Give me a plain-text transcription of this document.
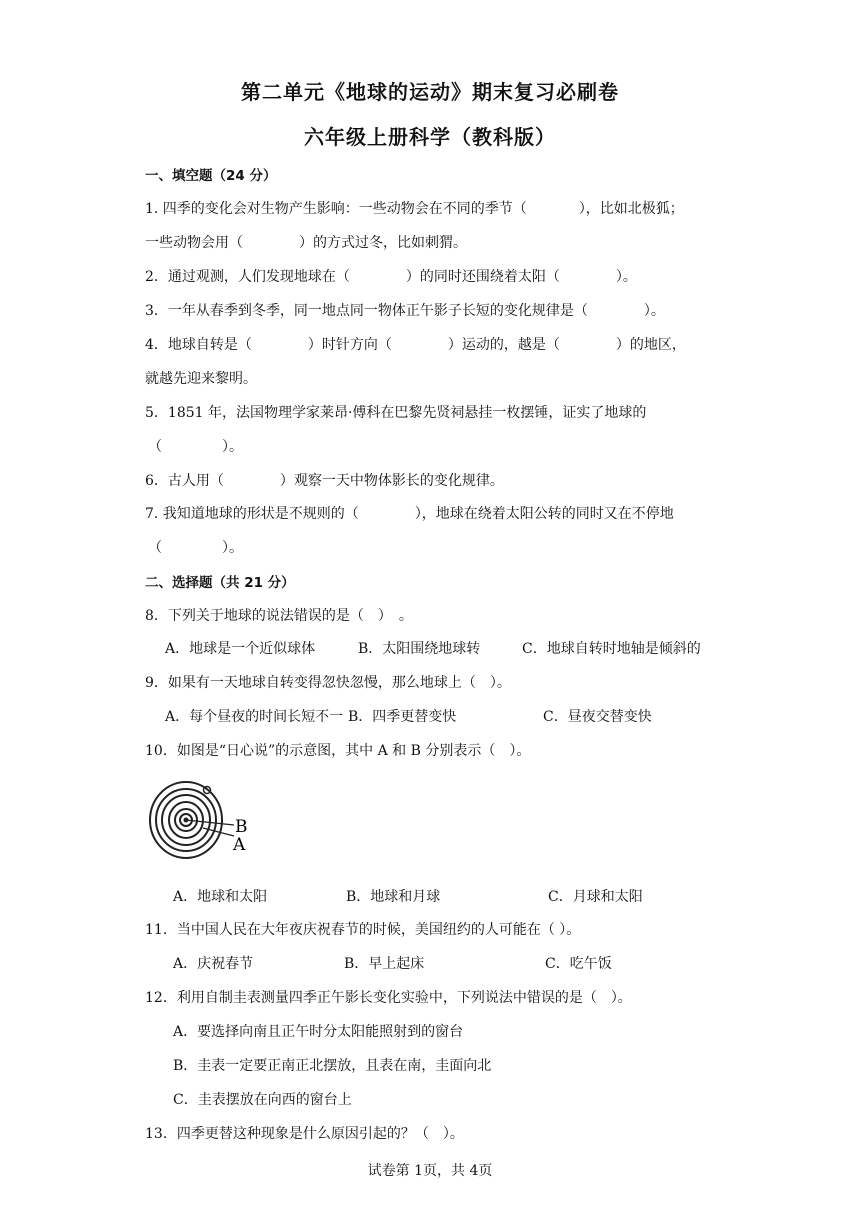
第二单元《地球的运动》期末复习必刷卷
六年级上册科学（教科版）
一、填空题（24 分）
1. 四季的变化会对生物产生影响：一些动物会在不同的季节（	），比如北极狐；
一些动物会用（	）的方式过冬，比如刺猬。
2．通过观测，人们发现地球在（	）的同时还围绕着太阳（	）。
3．一年从春季到冬季，同一地点同一物体正午影子长短的变化规律是（	）。
4．地球自转是（	）时针方向（	）运动的，越是（	）的地区，
就越先迎来黎明。
5．1851 年，法国物理学家莱昂·傅科在巴黎先贤祠悬挂一枚摆锤，证实了地球的
（	）。
6．古人用（	）观察一天中物体影长的变化规律。
7. 我知道地球的形状是不规则的（	），地球在绕着太阳公转的同时又在不停地
（	）。
二、选择题（共 21 分）
8．下列关于地球的说法错误的是（　）　。
A．地球是一个近似球体	B．太阳围绕地球转	C．地球自转时地轴是倾斜的
9．如果有一天地球自转变得忽快忽慢，那么地球上（　）。
A．每个昼夜的时间长短不一 B．四季更替变快	C．昼夜交替变快
10．如图是“日心说”的示意图，其中 A 和 B 分别表示（　）。
B
A
A．地球和太阳	B．地球和月球	C．月球和太阳
11．当中国人民在大年夜庆祝春节的时候，美国纽约的人可能在（ ）。
A．庆祝春节	B．早上起床	C．吃午饭
12．利用自制圭表测量四季正午影长变化实验中，下列说法中错误的是（　）。
A．要选择向南且正午时分太阳能照射到的窗台
B．圭表一定要正南正北摆放，且表在南，圭面向北
C．圭表摆放在向西的窗台上
13．四季更替这种现象是什么原因引起的？（　）。
试卷第 1页，共 4页
